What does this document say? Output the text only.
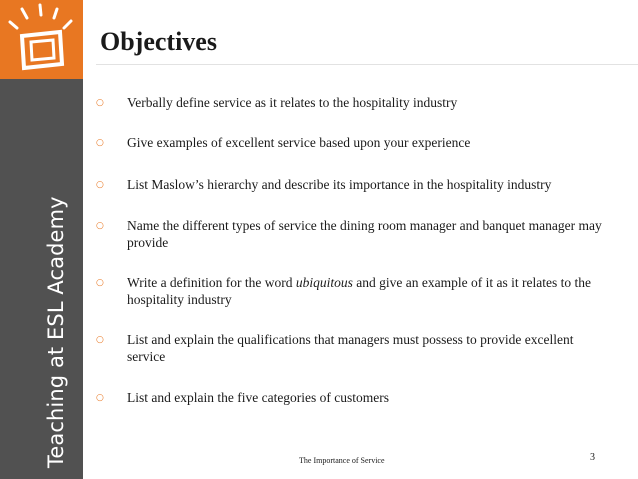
Teaching at ESL Academy
Objectives
○ Verbally define service as it relates to the hospitality industry
○ Give examples of excellent service based upon your experience
○ List Maslow’s hierarchy and describe its importance in the hospitality industry
○ Name the different types of service the dining room manager and banquet manager may provide
○ Write a definition for the word ubiquitous and give an example of it as it relates to the hospitality industry
○ List and explain the qualifications that managers must possess to provide excellent service
○ List and explain the five categories of customers
The Importance of Service	3
